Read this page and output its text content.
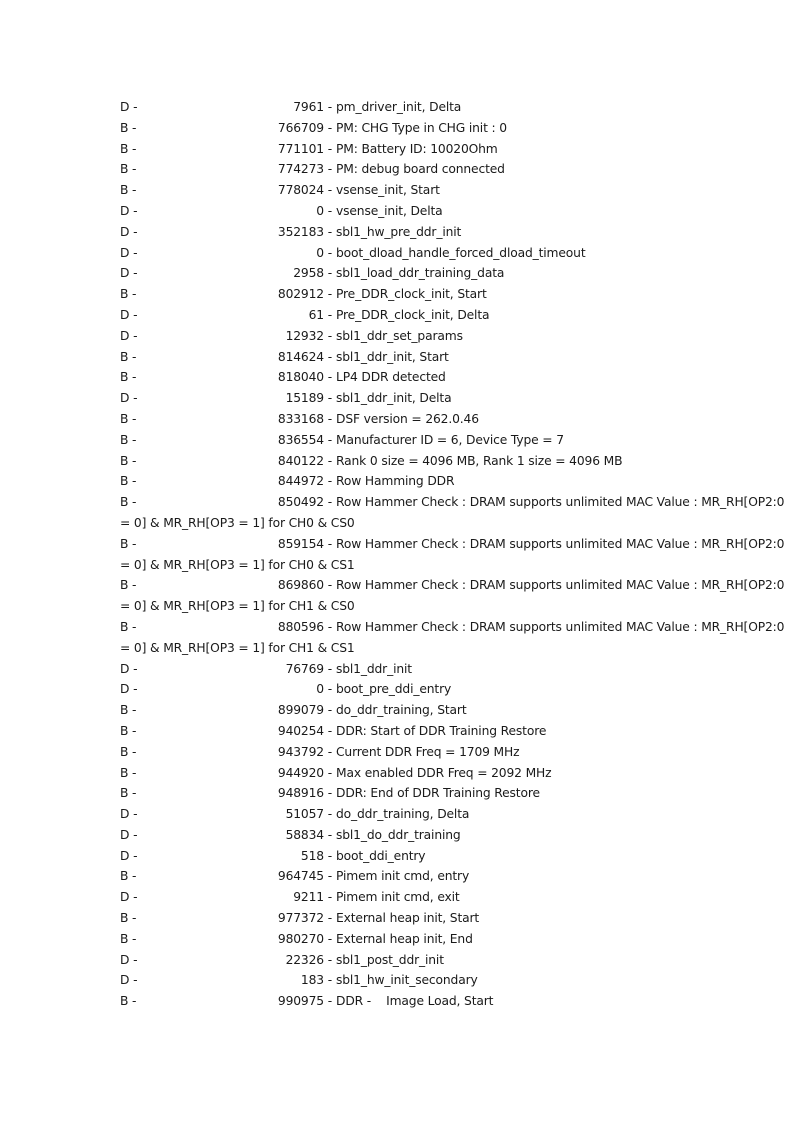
D -	7961 - pm_driver_init, Delta
B -	766709 - PM: CHG Type in CHG init : 0
B -	771101 - PM: Battery ID: 10020Ohm
B -	774273 - PM: debug board connected
B -	778024 - vsense_init, Start
D -	0 - vsense_init, Delta
D -	352183 - sbl1_hw_pre_ddr_init
D -	0 - boot_dload_handle_forced_dload_timeout
D -	2958 - sbl1_load_ddr_training_data
B -	802912 - Pre_DDR_clock_init, Start
D -	61 - Pre_DDR_clock_init, Delta
D -	12932 - sbl1_ddr_set_params
B -	814624 - sbl1_ddr_init, Start
B -	818040 - LP4 DDR detected
D -	15189 - sbl1_ddr_init, Delta
B -	833168 - DSF version = 262.0.46
B -	836554 - Manufacturer ID = 6, Device Type = 7
B -	840122 - Rank 0 size = 4096 MB, Rank 1 size = 4096 MB
B -	844972 - Row Hamming DDR
B -	850492 - Row Hammer Check : DRAM supports unlimited MAC Value : MR_RH[OP2:0
= 0] & MR_RH[OP3 = 1] for CH0 & CS0
B -	859154 - Row Hammer Check : DRAM supports unlimited MAC Value : MR_RH[OP2:0
= 0] & MR_RH[OP3 = 1] for CH0 & CS1
B -	869860 - Row Hammer Check : DRAM supports unlimited MAC Value : MR_RH[OP2:0
= 0] & MR_RH[OP3 = 1] for CH1 & CS0
B -	880596 - Row Hammer Check : DRAM supports unlimited MAC Value : MR_RH[OP2:0
= 0] & MR_RH[OP3 = 1] for CH1 & CS1
D -	76769 - sbl1_ddr_init
D -	0 - boot_pre_ddi_entry
B -	899079 - do_ddr_training, Start
B -	940254 - DDR: Start of DDR Training Restore
B -	943792 - Current DDR Freq = 1709 MHz
B -	944920 - Max enabled DDR Freq = 2092 MHz
B -	948916 - DDR: End of DDR Training Restore
D -	51057 - do_ddr_training, Delta
D -	58834 - sbl1_do_ddr_training
D -	518 - boot_ddi_entry
B -	964745 - Pimem init cmd, entry
D -	9211 - Pimem init cmd, exit
B -	977372 - External heap init, Start
B -	980270 - External heap init, End
D -	22326 - sbl1_post_ddr_init
D -	183 - sbl1_hw_init_secondary
B -	990975 - DDR -    Image Load, Start
